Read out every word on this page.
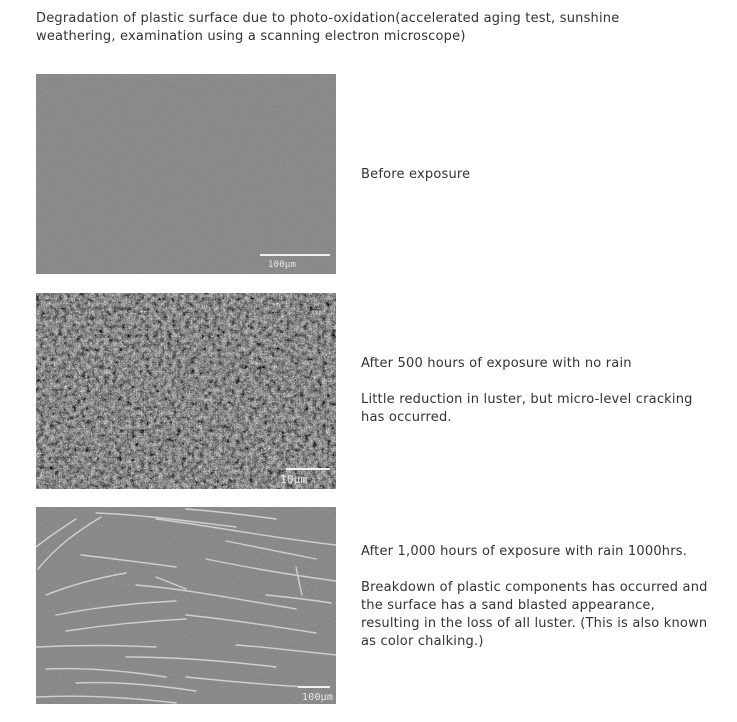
Degradation of plastic surface due to photo-oxidation(accelerated aging test, sunshine weathering, examination using a scanning electron microscope)

100μm

Before exposure

10μm

After 500 hours of exposure with no rain

Little reduction in luster, but micro-level cracking has occurred.

100μm

After 1,000 hours of exposure with rain 1000hrs.

Breakdown of plastic components has occurred and the surface has a sand blasted appearance, resulting in the loss of all luster. (This is also known as color chalking.)
